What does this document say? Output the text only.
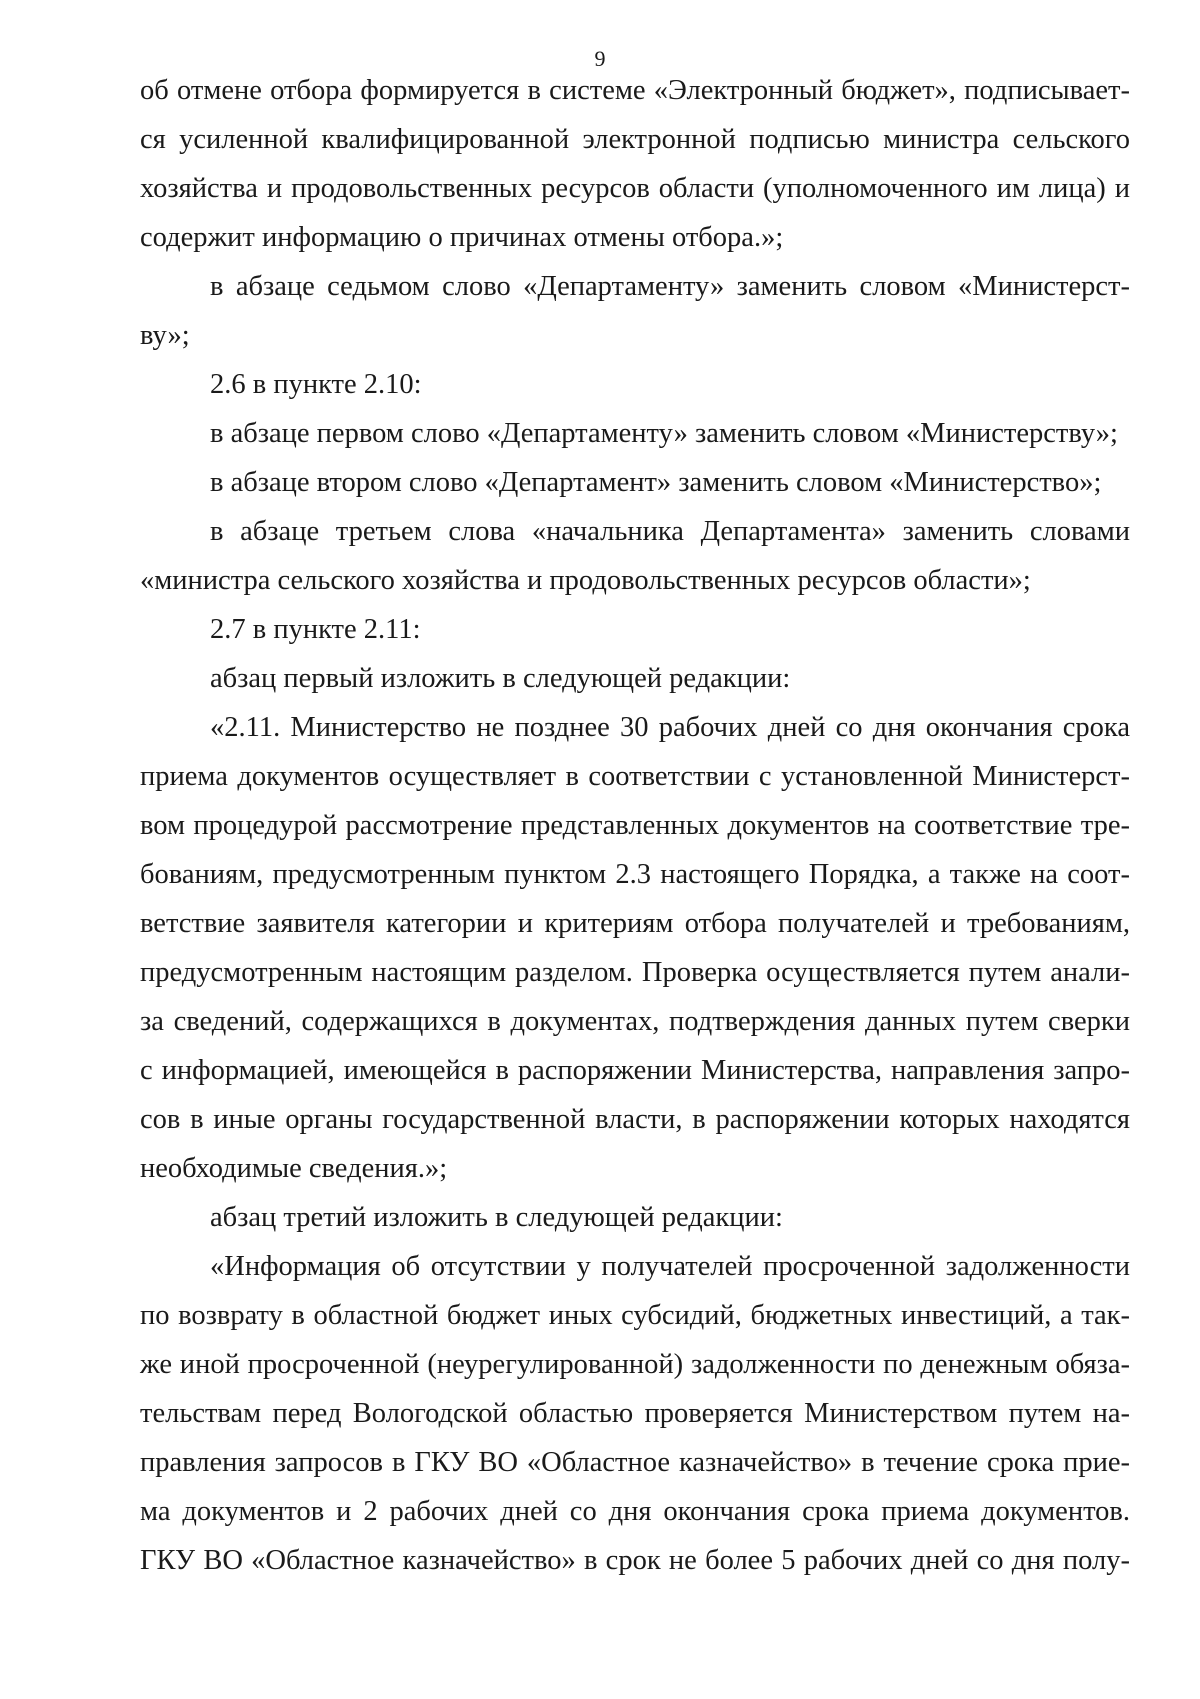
9
об отмене отбора формируется в системе «Электронный бюджет», подписывает-
ся усиленной квалифицированной электронной подписью министра сельского
хозяйства и продовольственных ресурсов области (уполномоченного им лица) и
содержит информацию о причинах отмены отбора.»;
в абзаце седьмом слово «Департаменту» заменить словом «Министерст-
ву»;
2.6 в пункте 2.10:
в абзаце первом слово «Департаменту» заменить словом «Министерству»;
в абзаце втором слово «Департамент» заменить словом «Министерство»;
в абзаце третьем слова «начальника Департамента» заменить словами
«министра сельского хозяйства и продовольственных ресурсов области»;
2.7 в пункте 2.11:
абзац первый изложить в следующей редакции:
«2.11. Министерство не позднее 30 рабочих дней со дня окончания срока
приема документов осуществляет в соответствии с установленной Министерст-
вом процедурой рассмотрение представленных документов на соответствие тре-
бованиям, предусмотренным пунктом 2.3 настоящего Порядка, а также на соот-
ветствие заявителя категории и критериям отбора получателей и требованиям,
предусмотренным настоящим разделом. Проверка осуществляется путем анали-
за сведений, содержащихся в документах, подтверждения данных путем сверки
с информацией, имеющейся в распоряжении Министерства, направления запро-
сов в иные органы государственной власти, в распоряжении которых находятся
необходимые сведения.»;
абзац третий изложить в следующей редакции:
«Информация об отсутствии у получателей просроченной задолженности
по возврату в областной бюджет иных субсидий, бюджетных инвестиций, а так-
же иной просроченной (неурегулированной) задолженности по денежным обяза-
тельствам перед Вологодской областью проверяется Министерством путем на-
правления запросов в ГКУ ВО «Областное казначейство» в течение срока прие-
ма документов и 2 рабочих дней со дня окончания срока приема документов.
ГКУ ВО «Областное казначейство» в срок не более 5 рабочих дней со дня полу-
